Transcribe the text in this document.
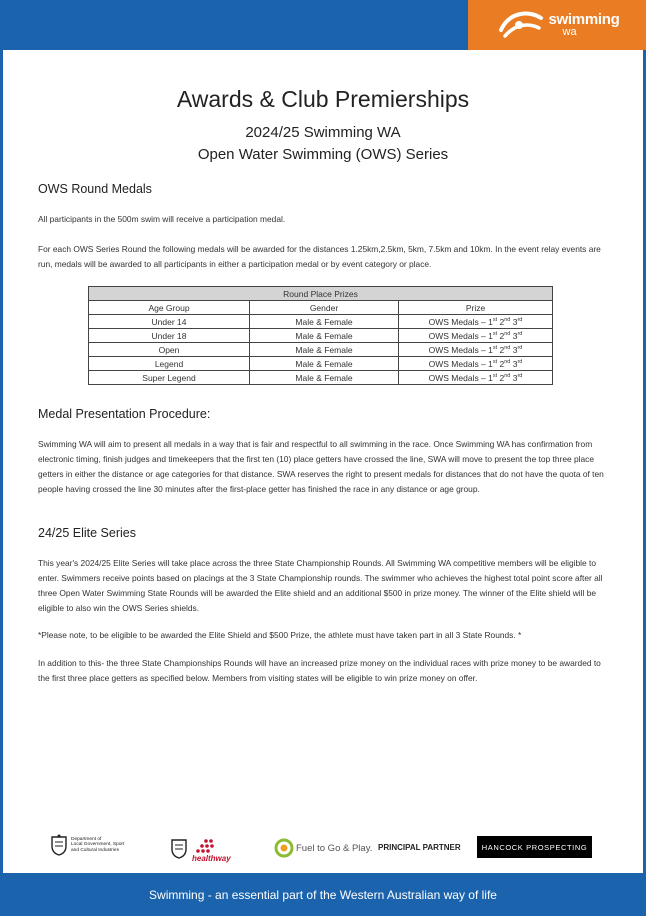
swimming
wa
Awards & Club Premierships
2024/25 Swimming WA
Open Water Swimming (OWS) Series
OWS Round Medals

All participants in the 500m swim will receive a participation medal.

For each OWS Series Round the following medals will be awarded for the distances 1.25km,2.5km, 5km, 7.5km and 10km. In the event relay events are run, medals will be awarded to all participants in either a participation medal or by event category or place.

Round Place Prizes		
Age Group	Gender	Prize
Under 14	Male & Female	OWS Medals – 1st 2nd 3rd
Under 18	Male & Female	OWS Medals – 1st 2nd 3rd
Open	Male & Female	OWS Medals – 1st 2nd 3rd
Legend	Male & Female	OWS Medals – 1st 2nd 3rd
Super Legend	Male & Female	OWS Medals – 1st 2nd 3rd
Medal Presentation Procedure:

Swimming WA will aim to present all medals in a way that is fair and respectful to all swimming in the race. Once Swimming WA has confirmation from electronic timing, finish judges and timekeepers that the first ten (10) place getters have crossed the line, SWA will move to present the top three place getters in either the distance or age categories for that distance. SWA reserves the right to present medals for distances that do not have the quota of ten people having crossed the line 30 minutes after the first-place getter has finished the race in any distance or age group.

24/25 Elite Series

This year's 2024/25 Elite Series will take place across the three State Championship Rounds. All Swimming WA competitive members will be eligible to enter. Swimmers receive points based on placings at the 3 State Championship rounds. The swimmer who achieves the highest total point score after all three Open Water Swimming State Rounds will be awarded the Elite shield and an additional $500 in prize money. The winner of the Elite shield will be eligible to also win the OWS Series shields.

*Please note, to be eligible to be awarded the Elite Shield and $500 Prize, the athlete must have taken part in all 3 State Rounds. *

In addition to this- the three State Championships Rounds will have an increased prize money on the individual races with prize money to be awarded to the first three place getters as specified below. Members from visiting states will be eligible to win prize money on offer.

Department of
Local Government, Sport
and Cultural Industries
healthway
Fuel to Go & Play. PRINCIPAL PARTNER	HANCOCK PROSPECTING
Swimming - an essential part of the Western Australian way of life
